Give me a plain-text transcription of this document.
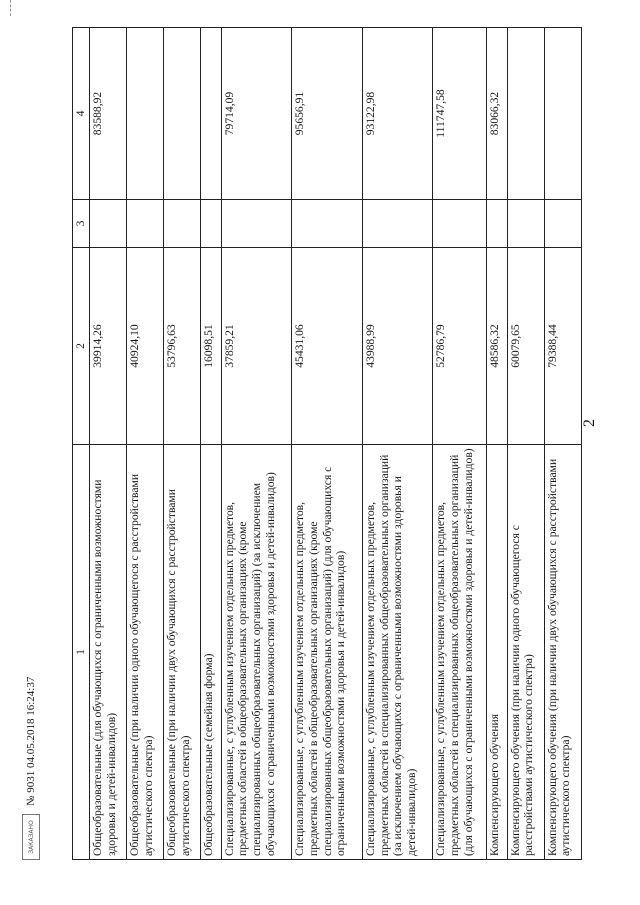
2
1	2	3	4
Общеобразовательные (для обучающихся с ограниченными возможностями здоровья и детей-инвалидов)	39914,26		83588,92
Общеобразовательные (при наличии одного обучающегося с расстройствами аутистического спектра)	40924,10		
Общеобразовательные (при наличии двух обучающихся с расстройствами аутистического спектра)	53796,63		
Общеобразовательные (семейная форма)	16098,51		
Специализированные, с углубленным изучением отдельных предметов, предметных областей в общеобразовательных организациях (кроме специализированных общеобразовательных организаций) (за исключением обучающихся с ограниченными возможностями здоровья и детей-инвалидов)	37859,21		79714,09
Специализированные, с углубленным изучением отдельных предметов, предметных областей в общеобразовательных организациях (кроме специализированных общеобразовательных организаций) (для обучающихся с ограниченными возможностями здоровья и детей-инвалидов)	45431,06		95656,91
Специализированные, с углубленным изучением отдельных предметов, предметных областей в специализированных общеобразовательных организаций (за исключением обучающихся с ограниченными возможностями здоровья и детей-инвалидов)	43988,99		93122,98
Специализированные, с углубленным изучением отдельных предметов, предметных областей в специализированных общеобразовательных организаций (для обучающихся с ограниченными возможностями здоровья и детей-инвалидов)	52786,79		111747,58
Компенсирующего обучения	48586,32		83066,32
Компенсирующего обучения (при наличии одного обучающегося с расстройствами аутистического спектра)	60079,65		
Компенсирующего обучения (при наличии двух обучающихся с расстройствами аутистического спектра)	79388,44		
ЗАКАЗАНО
№ 9031 04.05.2018 16:24:37
